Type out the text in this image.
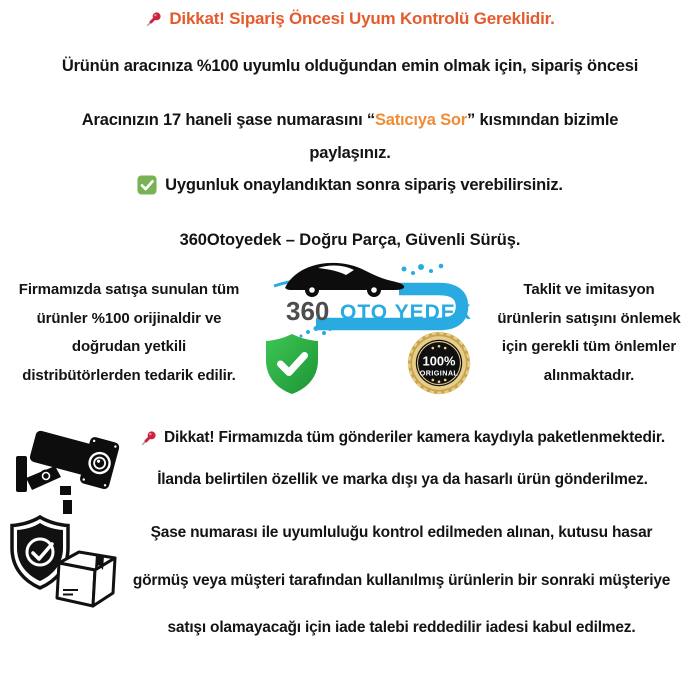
Dikkat! Sipariş Öncesi Uyum Kontrolü Gereklidir.
Ürünün aracınıza %100 uyumlu olduğundan emin olmak için, sipariş öncesi
Aracınızın 17 haneli şase numarasını “Satıcıya Sor” kısmından bizimle
paylaşınız.
Uygunluk onaylandıktan sonra sipariş verebilirsiniz.
360Otoyedek – Doğru Parça, Güvenli Sürüş.
Firmamızda satışa sunulan tüm
ürünler %100 orijinaldir ve
doğrudan yetkili
distribütörlerden tedarik edilir.
360 OTO YEDEK
100%
ORIGINAL
Taklit ve imitasyon
ürünlerin satışını önlemek
için gerekli tüm önlemler
alınmaktadır.
Dikkat! Firmamızda tüm gönderiler kamera kaydıyla paketlenmektedir.
İlanda belirtilen özellik ve marka dışı ya da hasarlı ürün gönderilmez.
Şase numarası ile uyumluluğu kontrol edilmeden alınan, kutusu hasar
görmüş veya müşteri tarafından kullanılmış ürünlerin bir sonraki müşteriye
satışı olamayacağı için iade talebi reddedilir iadesi kabul edilmez.
